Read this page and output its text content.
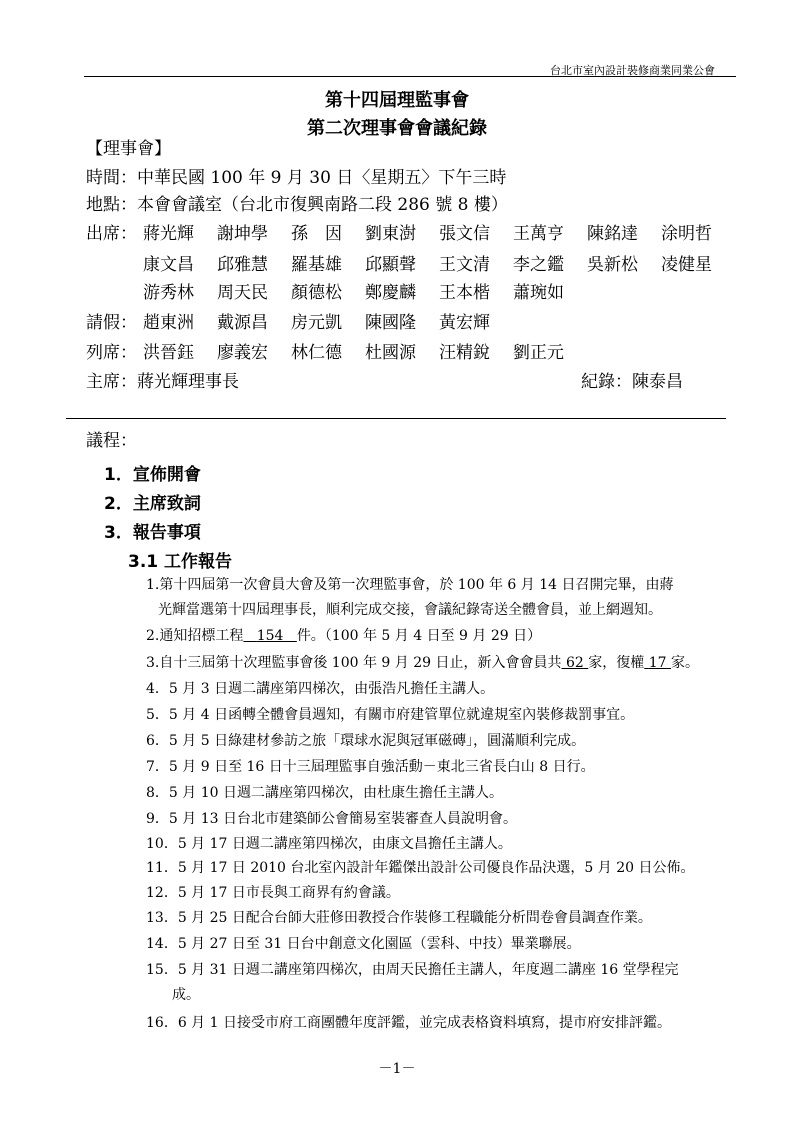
台北市室內設計裝修商業同業公會
第十四屆理監事會
第二次理事會會議紀錄
【理事會】
時間：中華民國 100 年 9 月 30 日〈星期五〉下午三時
地點：本會會議室（台北市復興南路二段 286 號 8 樓）
出席： 蔣光輝 謝坤學 孫　因 劉東澍 張文信 王萬亨 陳銘達 涂明哲
康文昌 邱雅慧 羅基雄 邱顯聲 王文清 李之鑑 吳新松 凌健星
游秀林 周天民 顏德松 鄭慶麟 王本楷 蕭琬如
請假： 趙東洲 戴源昌 房元凱 陳國隆 黃宏輝
列席： 洪晉鈺 廖義宏 林仁德 杜國源 汪精銳 劉正元
主席：蔣光輝理事長	紀錄：陳泰昌
議程：
1．宣佈開會
2．主席致詞
3．報告事項
3.1 工作報告
1.第十四屆第一次會員大會及第一次理監事會，於 100 年 6 月 14 日召開完畢，由蔣
光輝當選第十四屆理事長，順利完成交接，會議紀錄寄送全體會員，並上網週知。
2.通知招標工程 154 件。（100 年 5 月 4 日至 9 月 29 日）
3.自十三屆第十次理監事會後 100 年 9 月 29 日止，新入會會員共 62 家，復權 17 家。
4．5 月 3 日週二講座第四梯次，由張浩凡擔任主講人。
5．5 月 4 日函轉全體會員週知，有關市府建管單位就違規室內裝修裁罰事宜。
6．5 月 5 日綠建材參訪之旅「環球水泥與冠軍磁磚」，圓滿順利完成。
7．5 月 9 日至 16 日十三屆理監事自強活動－東北三省長白山 8 日行。
8．5 月 10 日週二講座第四梯次，由杜康生擔任主講人。
9．5 月 13 日台北市建築師公會簡易室裝審查人員說明會。
10．5 月 17 日週二講座第四梯次，由康文昌擔任主講人。
11．5 月 17 日 2010 台北室內設計年鑑傑出設計公司優良作品決選，5 月 20 日公佈。
12．5 月 17 日市長與工商界有約會議。
13．5 月 25 日配合台師大莊修田教授合作裝修工程職能分析問卷會員調查作業。
14．5 月 27 日至 31 日台中創意文化園區（雲科、中技）畢業聯展。
15．5 月 31 日週二講座第四梯次，由周天民擔任主講人，年度週二講座 16 堂學程完
成。
16．6 月 1 日接受市府工商團體年度評鑑，並完成表格資料填寫，提市府安排評鑑。
－1－
